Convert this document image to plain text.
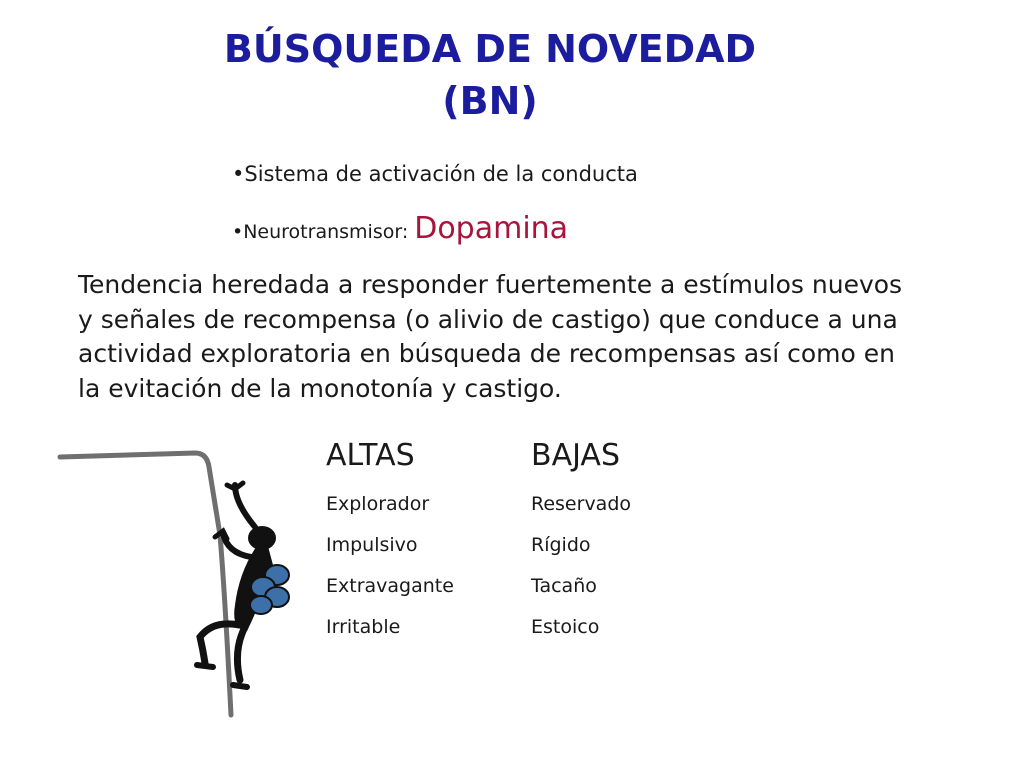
BÚSQUEDA DE NOVEDAD
(BN)
•Sistema de activación de la conducta
•Neurotransmisor: Dopamina

Tendencia heredada a responder fuertemente a estímulos nuevos y señales de recompensa (o alivio de castigo) que conduce a una actividad exploratoria en búsqueda de recompensas así como en la evitación de la monotonía y castigo.

ALTAS
Explorador
Impulsivo
Extravagante
Irritable
BAJAS
Reservado
Rígido
Tacaño
Estoico
